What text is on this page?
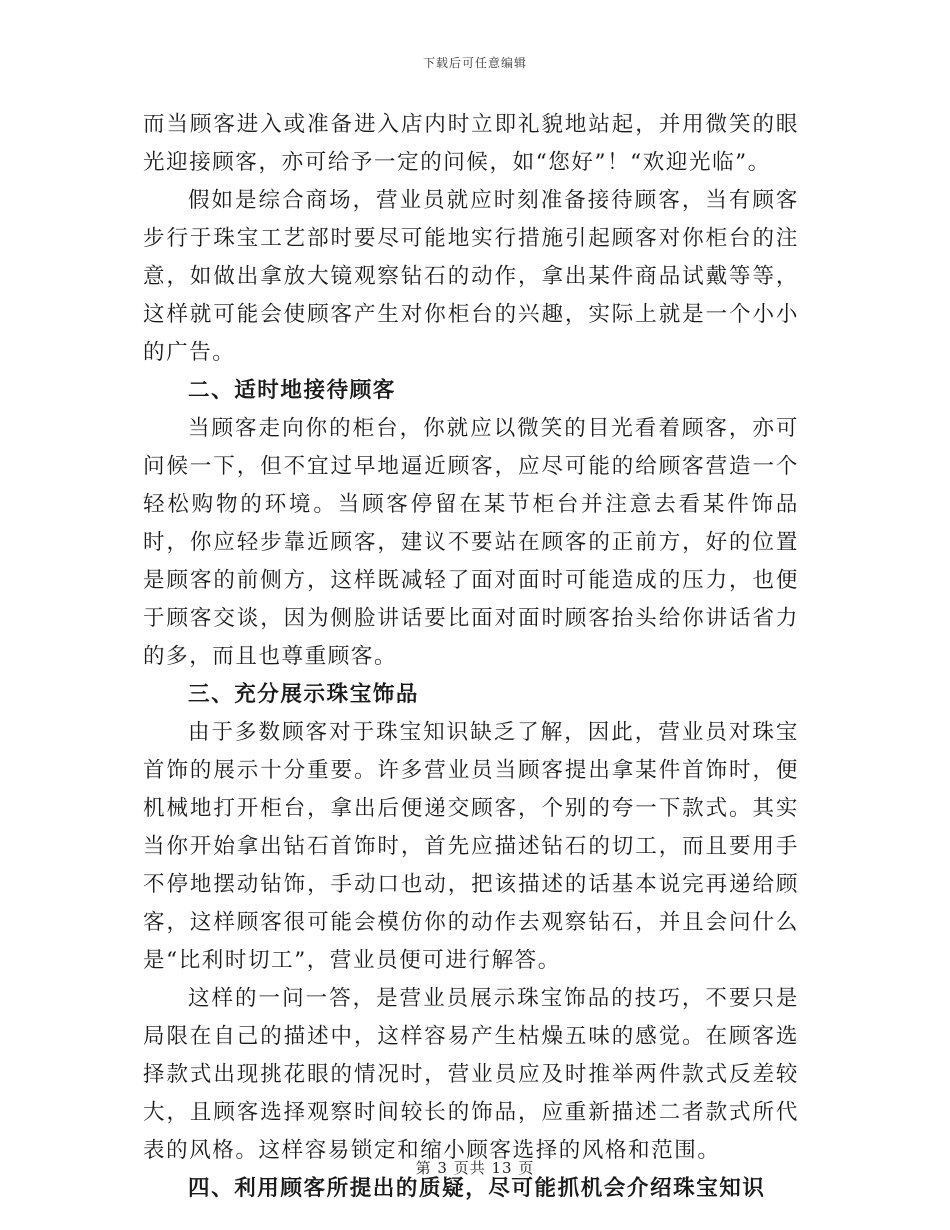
下载后可任意编辑

而当顾客进入或准备进入店内时立即礼貌地站起，并用微笑的眼光迎接顾客，亦可给予一定的问候，如“您好”！“欢迎光临”。

假如是综合商场，营业员就应时刻准备接待顾客，当有顾客步行于珠宝工艺部时要尽可能地实行措施引起顾客对你柜台的注意，如做出拿放大镜观察钻石的动作，拿出某件商品试戴等等，这样就可能会使顾客产生对你柜台的兴趣，实际上就是一个小小的广告。

二、适时地接待顾客

当顾客走向你的柜台，你就应以微笑的目光看着顾客，亦可问候一下，但不宜过早地逼近顾客，应尽可能的给顾客营造一个轻松购物的环境。当顾客停留在某节柜台并注意去看某件饰品时，你应轻步靠近顾客，建议不要站在顾客的正前方，好的位置是顾客的前侧方，这样既减轻了面对面时可能造成的压力，也便于顾客交谈，因为侧脸讲话要比面对面时顾客抬头给你讲话省力的多，而且也尊重顾客。

三、充分展示珠宝饰品

由于多数顾客对于珠宝知识缺乏了解，因此，营业员对珠宝首饰的展示十分重要。许多营业员当顾客提出拿某件首饰时，便机械地打开柜台，拿出后便递交顾客，个别的夸一下款式。其实当你开始拿出钻石首饰时，首先应描述钻石的切工，而且要用手不停地摆动钻饰，手动口也动，把该描述的话基本说完再递给顾客，这样顾客很可能会模仿你的动作去观察钻石，并且会问什么是“比利时切工”，营业员便可进行解答。

这样的一问一答，是营业员展示珠宝饰品的技巧，不要只是局限在自己的描述中，这样容易产生枯燥五味的感觉。在顾客选择款式出现挑花眼的情况时，营业员应及时推举两件款式反差较大，且顾客选择观察时间较长的饰品，应重新描述二者款式所代表的风格。这样容易锁定和缩小顾客选择的风格和范围。

四、利用顾客所提出的质疑，尽可能抓机会介绍珠宝知识

第 3 页共 13 页
